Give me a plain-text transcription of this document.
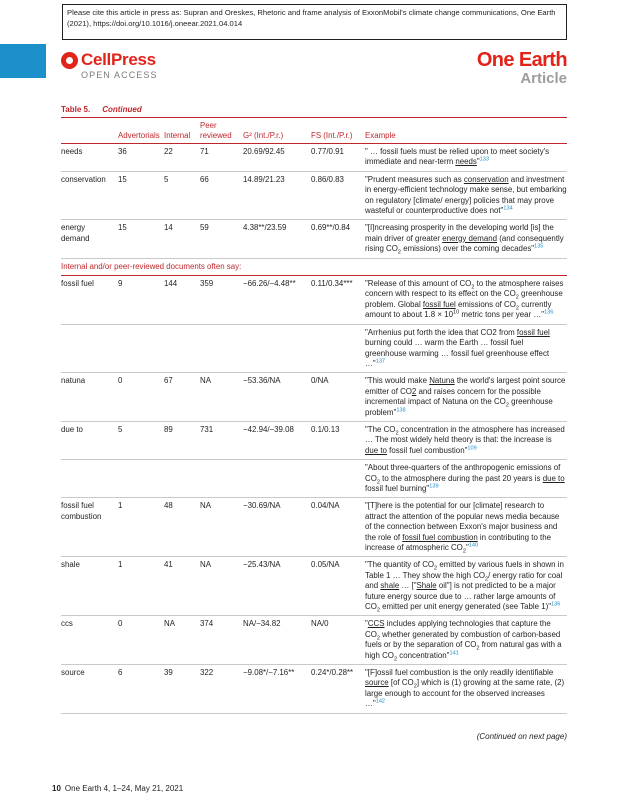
Please cite this article in press as: Supran and Oreskes, Rhetoric and frame analysis of ExxonMobil's climate change communications, One Earth (2021), https://doi.org/10.1016/j.oneear.2021.04.014
CellPress
OPEN ACCESS
One Earth
Article
Table 5. Continued
	Advertorials	Internal	Peer reviewed	G² (Int./P.r.)	FS (Int./P.r.)	Example
needs	36	22	71	20.69/92.45	0.77/0.91	" … fossil fuels must be relied upon to meet society's immediate and near-term needs"$^{133}$
conservation	15	5	66	14.89/21.23	0.86/0.83	"Prudent measures such as conservation and investment in energy-efficient technology make sense, but embarking on regulatory [climate/ energy] policies that may prove wasteful or counterproductive does not"$^{134}$
energy demand	15	14	59	4.38**/23.59	0.69**/0.84	"[I]ncreasing prosperity in the developing world [is] the main driver of greater energy demand (and consequently rising $CO_2$ emissions) over the coming decades"$^{135}$
Internal and/or peer-reviewed documents often say:						
fossil fuel	9	144	359	−66.26/−4.48**	0.11/0.34***	"Release of this amount of $CO_2$ to the atmosphere raises concern with respect to its effect on the $CO_2$ greenhouse problem. Global fossil fuel emissions of $CO_2$ currently amount to about $1.8 \times 10^{10}$ metric tons per year …"$^{136}$
						"Arrhenius put forth the idea that CO2 from fossil fuel burning could … warm the Earth … fossil fuel greenhouse warming … fossil fuel greenhouse effect …"$^{137}$
natuna	0	67	NA	−53.36/NA	0/NA	"This would make Natuna the world's largest point source emitter of CO2 and raises concern for the possible incremental impact of Natuna on the $CO_2$ greenhouse problem"$^{138}$
due to	5	89	731	−42.94/−39.08	0.1/0.13	"The $CO_2$ concentration in the atmosphere has increased … The most widely held theory is that: the increase is due to fossil fuel combustion"$^{109}$
						"About three-quarters of the anthropogenic emissions of $CO_2$ to the atmosphere during the past 20 years is due to fossil fuel burning"$^{139}$
fossil fuel combustion	1	48	NA	−30.69/NA	0.04/NA	"[T]here is the potential for our [climate] research to attract the attention of the popular news media because of the connection between Exxon's major business and the role of fossil fuel combustion in contributing to the increase of atmospheric $CO_2"^{140}$
shale	1	41	NA	−25.43/NA	0.05/NA	"The quantity of $CO_2$ emitted by various fuels in shown in Table 1 … They show the high $CO_2/$ energy ratio for coal and shale … ["Shale oil"] is not predicted to be a major future energy source due to … rather large amounts of $CO_2$ emitted per unit energy generated (see Table 1)"$^{136}$
ccs	0	NA	374	NA/−34.82	NA/0	"CCS includes applying technologies that capture the $CO_2$ whether generated by combustion of carbon-based fuels or by the separation of $CO_2$ from natural gas with a high $CO_2$ concentration"$^{141}$
source	6	39	322	−9.08*/−7.16**	0.24*/0.28**	"[F]ossil fuel combustion is the only readily identifiable source [of $CO_2$] which is (1) growing at the same rate, (2) large enough to account for the observed increases …"$^{142}$
(Continued on next page)
10 One Earth 4, 1–24, May 21, 2021
